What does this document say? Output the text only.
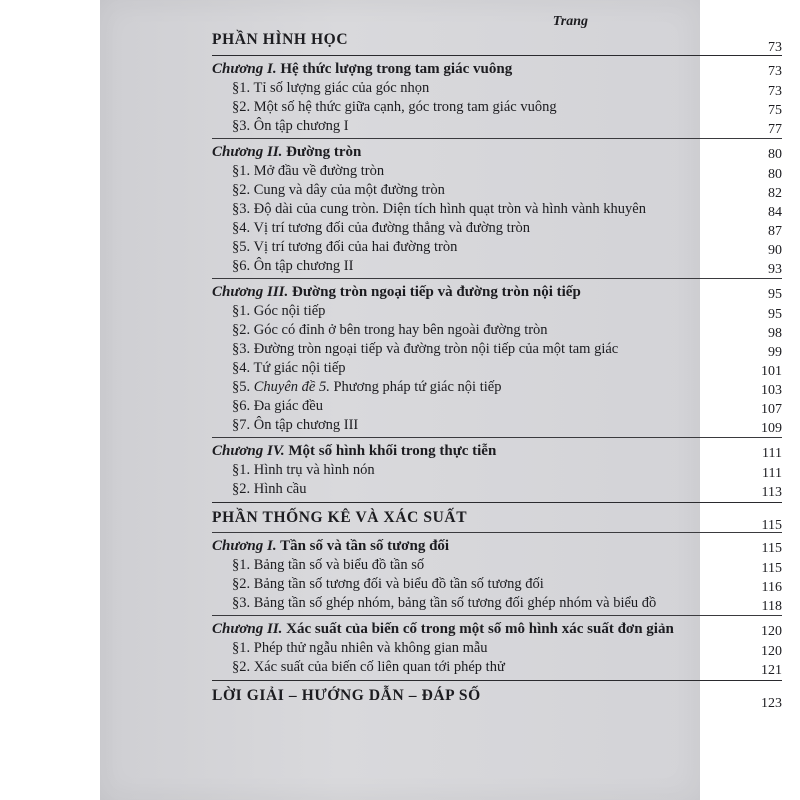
Trang
PHẦN HÌNH HỌC	73
Chương I. Hệ thức lượng trong tam giác vuông	73
§1. Tỉ số lượng giác của góc nhọn	73
§2. Một số hệ thức giữa cạnh, góc trong tam giác vuông	75
§3. Ôn tập chương I	77
Chương II. Đường tròn	80
§1. Mở đầu về đường tròn	80
§2. Cung và dây của một đường tròn	82
§3. Độ dài của cung tròn. Diện tích hình quạt tròn và hình vành khuyên	84
§4. Vị trí tương đối của đường thẳng và đường tròn	87
§5. Vị trí tương đối của hai đường tròn	90
§6. Ôn tập chương II	93
Chương III. Đường tròn ngoại tiếp và đường tròn nội tiếp	95
§1. Góc nội tiếp	95
§2. Góc có đỉnh ở bên trong hay bên ngoài đường tròn	98
§3. Đường tròn ngoại tiếp và đường tròn nội tiếp của một tam giác	99
§4. Tứ giác nội tiếp	101
§5. Chuyên đề 5. Phương pháp tứ giác nội tiếp	103
§6. Đa giác đều	107
§7. Ôn tập chương III	109
Chương IV. Một số hình khối trong thực tiễn	111
§1. Hình trụ và hình nón	111
§2. Hình cầu	113
PHẦN THỐNG KÊ VÀ XÁC SUẤT	115
Chương I. Tần số và tần số tương đối	115
§1. Bảng tần số và biểu đồ tần số	115
§2. Bảng tần số tương đối và biểu đồ tần số tương đối	116
§3. Bảng tần số ghép nhóm, bảng tần số tương đối ghép nhóm và biểu đồ	118
Chương II. Xác suất của biến cố trong một số mô hình xác suất đơn giản	120
§1. Phép thử ngẫu nhiên và không gian mẫu	120
§2. Xác suất của biến cố liên quan tới phép thử	121
LỜI GIẢI – HƯỚNG DẪN – ĐÁP SỐ	123
